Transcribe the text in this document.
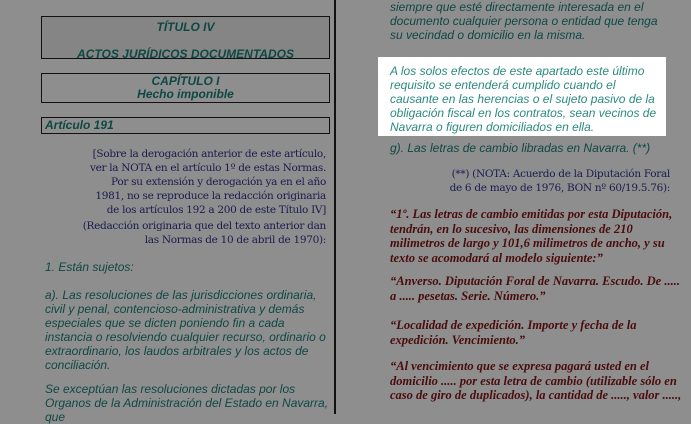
TÍTULO IV
ACTOS JURÍDICOS DOCUMENTADOS
CAPÍTULO I
Hecho imponible
Artículo 191

[Sobre la derogación anterior de este artículo, ver la NOTA en el artículo 1º de estas Normas. Por su extensión y derogación ya en el año 1981, no se reproduce la redacción originaria de los artículos 192 a 200 de este Título IV]

(Redacción originaria que del texto anterior dan las Normas de 10 de abril de 1970):

1. Están sujetos:

a). Las resoluciones de las jurisdicciones ordinaria, civil y penal, contencioso-administrativa y demás especiales que se dicten poniendo fin a cada instancia o resolviendo cualquier recurso, ordinario o extraordinario, los laudos arbitrales y los actos de conciliación.

Se exceptúan las resoluciones dictadas por los Organos de la Administración del Estado en Navarra, que

siempre que esté directamente interesada en el documento cualquier persona o entidad que tenga su vecindad o domicilio en la misma.

A los solos efectos de este apartado este último requisito se entenderá cumplido cuando el causante en las herencias o el sujeto pasivo de la obligación fiscal en los contratos, sean vecinos de Navarra o figuren domiciliados en ella.

g). Las letras de cambio libradas en Navarra. (**)

(**) (NOTA: Acuerdo de la Diputación Foral de 6 de mayo de 1976, BON nº 60/19.5.76):

“1º. Las letras de cambio emitidas por esta Diputación, tendrán, en lo sucesivo, las dimensiones de 210 milimetros de largo y 101,6 milimetros de ancho, y su texto se acomodará al modelo siguiente:”

“Anverso. Diputación Foral de Navarra. Escudo. De ..... a ..... pesetas. Serie. Número.”

“Localidad de expedición. Importe y fecha de la expedición. Vencimiento.”

“Al vencimiento que se expresa pagará usted en el domicilio ..... por esta letra de cambio (utilizable sólo en caso de giro de duplicados), la cantidad de ....., valor .....,
